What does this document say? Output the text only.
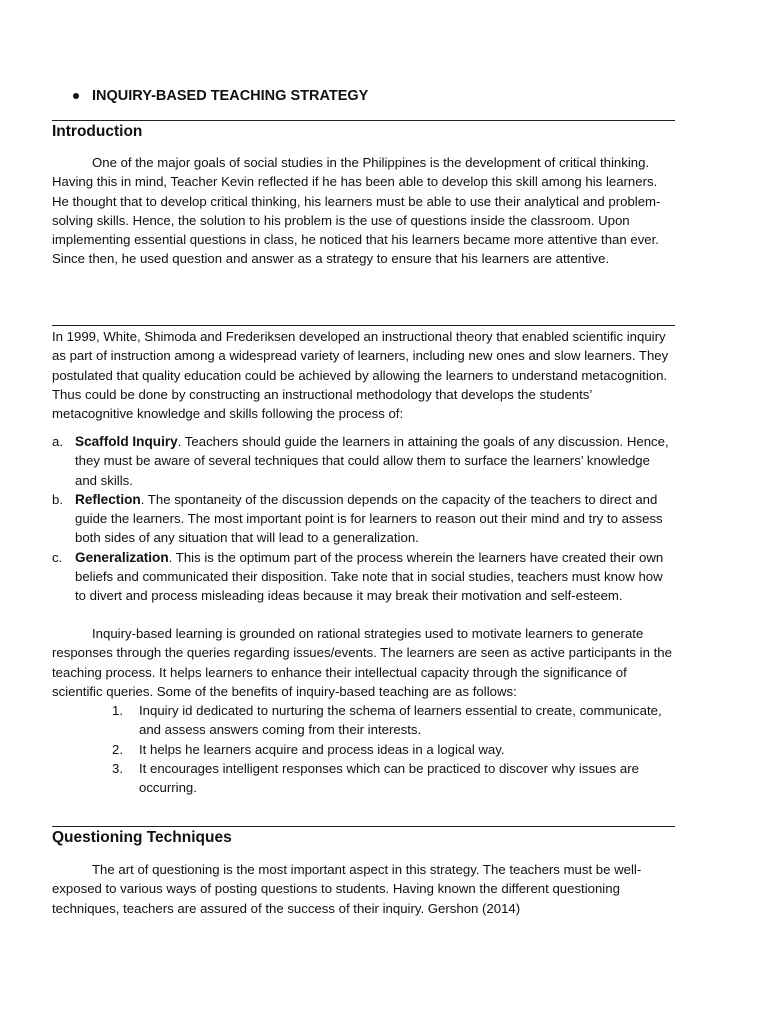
INQUIRY-BASED TEACHING STRATEGY
Introduction

One of the major goals of social studies in the Philippines is the development of critical thinking. Having this in mind, Teacher Kevin reflected if he has been able to develop this skill among his learners. He thought that to develop critical thinking, his learners must be able to use their analytical and problem-solving skills. Hence, the solution to his problem is the use of questions inside the classroom. Upon implementing essential questions in class, he noticed that his learners became more attentive than ever. Since then, he used question and answer as a strategy to ensure that his learners are attentive.

In 1999, White, Shimoda and Frederiksen developed an instructional theory that enabled scientific inquiry as part of instruction among a widespread variety of learners, including new ones and slow learners. They postulated that quality education could be achieved by allowing the learners to understand metacognition. Thus could be done by constructing an instructional methodology that develops the students’ metacognitive knowledge and skills following the process of:

a. Scaffold Inquiry. Teachers should guide the learners in attaining the goals of any discussion. Hence, they must be aware of several techniques that could allow them to surface the learners’ knowledge and skills.
b. Reflection. The spontaneity of the discussion depends on the capacity of the teachers to direct and guide the learners. The most important point is for learners to reason out their mind and try to assess both sides of any situation that will lead to a generalization.
c. Generalization. This is the optimum part of the process wherein the learners have created their own beliefs and communicated their disposition. Take note that in social studies, teachers must know how to divert and process misleading ideas because it may break their motivation and self-esteem.

Inquiry-based learning is grounded on rational strategies used to motivate learners to generate responses through the queries regarding issues/events. The learners are seen as active participants in the teaching process. It helps learners to enhance their intellectual capacity through the significance of scientific queries. Some of the benefits of inquiry-based teaching are as follows:

1.	Inquiry id dedicated to nurturing the schema of learners essential to create, communicate, and assess answers coming from their interests.
2.	It helps he learners acquire and process ideas in a logical way.
3.	It encourages intelligent responses which can be practiced to discover why issues are occurring.
Questioning Techniques

The art of questioning is the most important aspect in this strategy. The teachers must be well-exposed to various ways of posting questions to students. Having known the different questioning techniques, teachers are assured of the success of their inquiry. Gershon (2014)
